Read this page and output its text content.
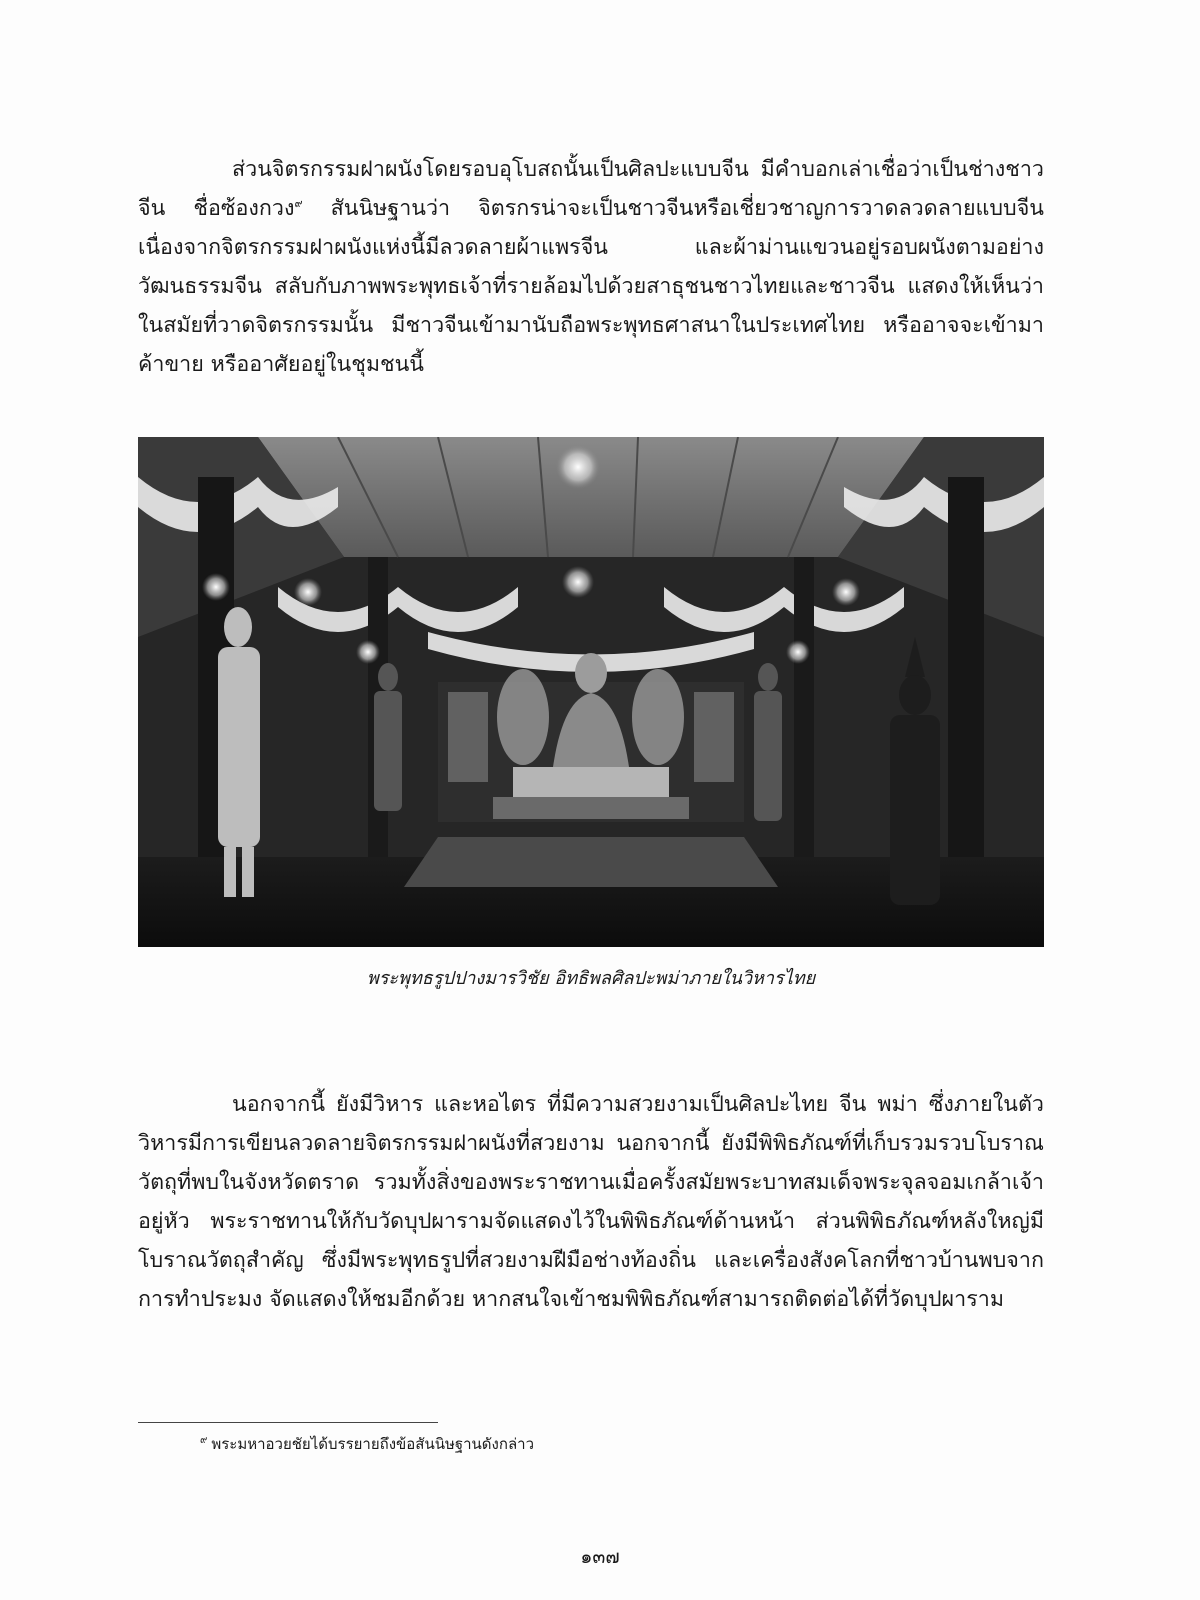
ส่วนจิตรกรรมฝาผนังโดยรอบอุโบสถนั้นเป็นศิลปะแบบจีน มีคำบอกเล่าเชื่อว่าเป็นช่างชาวจีน ชื่อซ้องกวง$^๙$ สันนิษฐานว่า จิตรกรน่าจะเป็นชาวจีนหรือเชี่ยวชาญการวาดลวดลายแบบจีน เนื่องจากจิตรกรรมฝาผนังแห่งนี้มีลวดลายผ้าแพรจีน และผ้าม่านแขวนอยู่รอบผนังตามอย่างวัฒนธรรมจีน สลับกับภาพพระพุทธเจ้าที่รายล้อมไปด้วยสาธุชนชาวไทยและชาวจีน แสดงให้เห็นว่าในสมัยที่วาดจิตรกรรมนั้น มีชาวจีนเข้ามานับถือพระพุทธศาสนาในประเทศไทย หรืออาจจะเข้ามาค้าขาย หรืออาศัยอยู่ในชุมชนนี้

พระพุทธรูปปางมารวิชัย อิทธิพลศิลปะพม่าภายในวิหารไทย

นอกจากนี้ ยังมีวิหาร และหอไตร ที่มีความสวยงามเป็นศิลปะไทย จีน พม่า ซึ่งภายในตัววิหารมีการเขียนลวดลายจิตรกรรมฝาผนังที่สวยงาม นอกจากนี้ ยังมีพิพิธภัณฑ์ที่เก็บรวมรวบโบราณวัตถุที่พบในจังหวัดตราด รวมทั้งสิ่งของพระราชทานเมื่อครั้งสมัยพระบาทสมเด็จพระจุลจอมเกล้าเจ้าอยู่หัว พระราชทานให้กับวัดบุปผารามจัดแสดงไว้ในพิพิธภัณฑ์ด้านหน้า ส่วนพิพิธภัณฑ์หลังใหญ่มีโบราณวัตถุสำคัญ ซึ่งมีพระพุทธรูปที่สวยงามฝีมือช่างท้องถิ่น และเครื่องสังคโลกที่ชาวบ้านพบจากการทำประมง จัดแสดงให้ชมอีกด้วย หากสนใจเข้าชมพิพิธภัณฑ์สามารถติดต่อได้ที่วัดบุปผาราม

$^๙$ พระมหาอวยชัยได้บรรยายถึงข้อสันนิษฐานดังกล่าว

๑๓๗
